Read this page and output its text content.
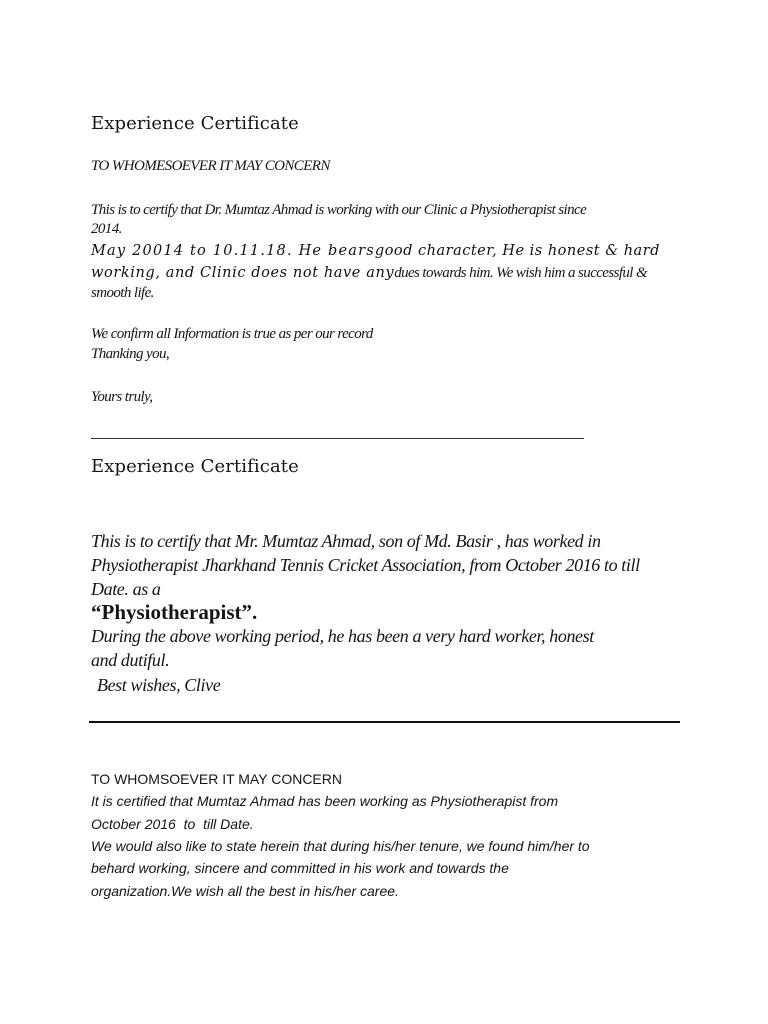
Experience Certificate
TO WHOMESOEVER IT MAY CONCERN
This is to certify that Dr. Mumtaz Ahmad is working with our Clinic a Physiotherapist since
2014.
May 20014 to 10.11.18. He bearsgood character, He is honest & hard
working, and Clinic does not have anydues towards him. We wish him a successful &
smooth life.
We confirm all Information is true as per our record
Thanking you,
Yours truly,
Experience Certificate
This is to certify that Mr. Mumtaz Ahmad, son of Md. Basir , has worked in
Physiotherapist Jharkhand Tennis Cricket Association, from October 2016 to till
Date. as a
“Physiotherapist”.
During the above working period, he has been a very hard worker, honest
and dutiful.
Best wishes, Clive
TO WHOMSOEVER IT MAY CONCERN
It is certified that Mumtaz Ahmad has been working as Physiotherapist from
October 2016  to  till Date.
We would also like to state herein that during his/her tenure, we found him/her to
behard working, sincere and committed in his work and towards the
organization.We wish all the best in his/her caree.
